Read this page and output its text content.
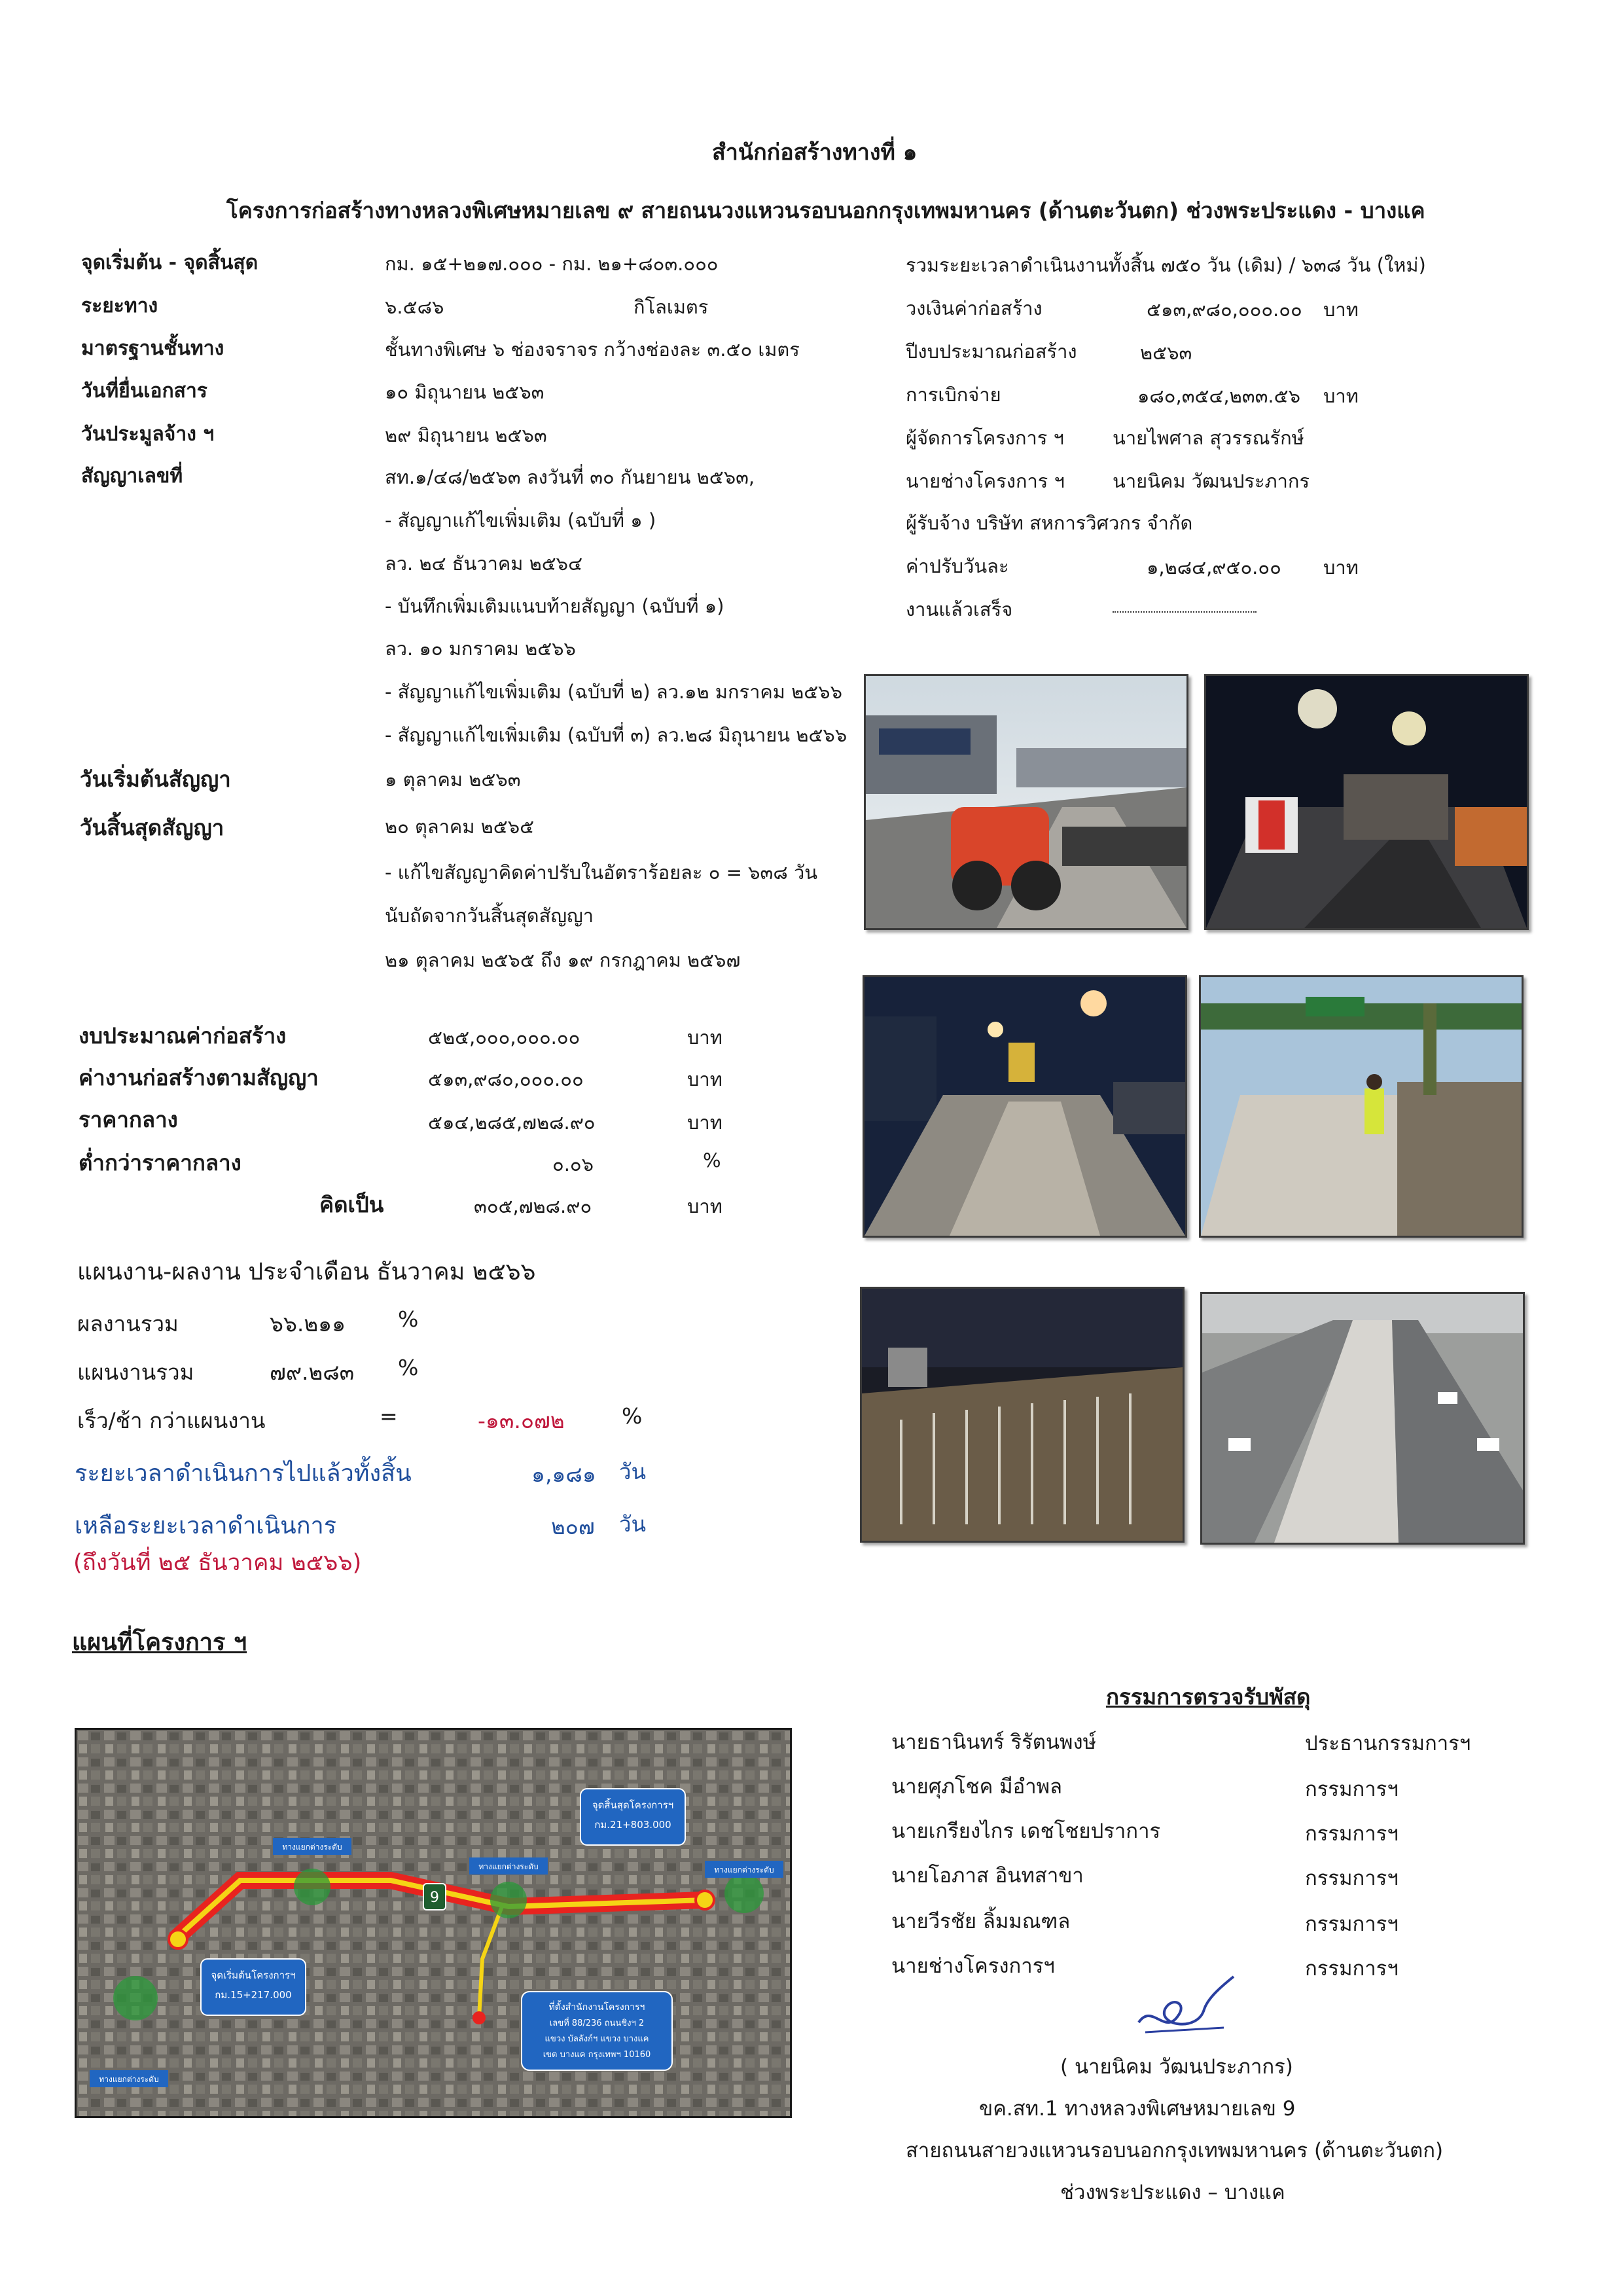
สำนักก่อสร้างทางที่ ๑
โครงการก่อสร้างทางหลวงพิเศษหมายเลข ๙ สายถนนวงแหวนรอบนอกกรุงเทพมหานคร (ด้านตะวันตก) ช่วงพระประแดง - บางแค
จุดเริ่มต้น - จุดสิ้นสุด	กม. ๑๕+๒๑๗.๐๐๐ - กม. ๒๑+๘๐๓.๐๐๐
ระยะทาง	๖.๕๘๖	กิโลเมตร
มาตรฐานชั้นทาง	ชั้นทางพิเศษ ๖ ช่องจราจร กว้างช่องละ ๓.๕๐ เมตร
วันที่ยื่นเอกสาร	๑๐ มิถุนายน ๒๕๖๓
วันประมูลจ้าง ฯ	๒๙ มิถุนายน ๒๕๖๓
สัญญาเลขที่	สท.๑/๔๘/๒๕๖๓ ลงวันที่ ๓๐ กันยายน ๒๕๖๓,
- สัญญาแก้ไขเพิ่มเติม (ฉบับที่ ๑ )
ลว. ๒๔ ธันวาคม ๒๕๖๔
- บันทึกเพิ่มเติมแนบท้ายสัญญา (ฉบับที่ ๑)
ลว. ๑๐ มกราคม ๒๕๖๖
- สัญญาแก้ไขเพิ่มเติม (ฉบับที่ ๒) ลว.๑๒ มกราคม ๒๕๖๖
- สัญญาแก้ไขเพิ่มเติม (ฉบับที่ ๓) ลว.๒๘ มิถุนายน ๒๕๖๖
วันเริ่มต้นสัญญา	๑ ตุลาคม ๒๕๖๓
วันสิ้นสุดสัญญา	๒๐ ตุลาคม ๒๕๖๕
- แก้ไขสัญญาคิดค่าปรับในอัตราร้อยละ ๐ = ๖๓๘ วัน
นับถัดจากวันสิ้นสุดสัญญา
๒๑ ตุลาคม ๒๕๖๕ ถึง ๑๙ กรกฎาคม ๒๕๖๗
รวมระยะเวลาดำเนินงานทั้งสิ้น ๗๕๐ วัน (เดิม) / ๖๓๘ วัน (ใหม่)
วงเงินค่าก่อสร้าง	๕๑๓,๙๘๐,๐๐๐.๐๐ บาท
ปีงบประมาณก่อสร้าง	๒๕๖๓
การเบิกจ่าย	๑๘๐,๓๕๔,๒๓๓.๕๖ บาท
ผู้จัดการโครงการ ฯ	นายไพศาล สุวรรณรักษ์
นายช่างโครงการ ฯ	นายนิคม วัฒนประภากร
ผู้รับจ้าง บริษัท สหการวิศวกร จำกัด
ค่าปรับวันละ	๑,๒๘๔,๙๕๐.๐๐ บาท
งานแล้วเสร็จ
งบประมาณค่าก่อสร้าง	๕๒๕,๐๐๐,๐๐๐.๐๐	บาท
ค่างานก่อสร้างตามสัญญา	๕๑๓,๙๘๐,๐๐๐.๐๐	บาท
ราคากลาง	๕๑๔,๒๘๕,๗๒๘.๙๐	บาท
ต่ำกว่าราคากลาง	๐.๐๖	%
คิดเป็น	๓๐๕,๗๒๘.๙๐	บาท
แผนงาน-ผลงาน ประจำเดือน ธันวาคม ๒๕๖๖
ผลงานรวม	๖๖.๒๑๑ %
แผนงานรวม	๗๙.๒๘๓ %
เร็ว/ช้า กว่าแผนงาน	=	-๑๓.๐๗๒	%
ระยะเวลาดำเนินการไปแล้วทั้งสิ้น	๑,๑๘๑ วัน
เหลือระยะเวลาดำเนินการ	๒๐๗ วัน
(ถึงวันที่ ๒๕ ธันวาคม ๒๕๖๖)
แผนที่โครงการ ฯ
9
จุดเริ่มต้นโครงการฯ
กม.15+217.000
จุดสิ้นสุดโครงการฯ
กม.21+803.000
ที่ตั้งสำนักงานโครงการฯ
เลขที่ 88/236 ถนนชิงฯ 2
แขวง บัลลังก์ฯ แขวง บางแค
เขต บางแค กรุงเทพฯ 10160
ทางแยกต่างระดับ
ทางแยกต่างระดับ
ทางแยกต่างระดับ	ทางแยกต่างระดับ
กรรมการตรวจรับพัสดุ
นายธานินทร์ ริรัตนพงษ์	ประธานกรรมการฯ
นายศุภโชค มีอำพล	กรรมการฯ
นายเกรียงไกร เดชโชยปราการ	กรรมการฯ
นายโอภาส อินทสาขา	กรรมการฯ
นายวีรชัย ลิ้มมณฑล	กรรมการฯ
นายช่างโครงการฯ	กรรมการฯ
( นายนิคม วัฒนประภากร)
ขค.สท.1 ทางหลวงพิเศษหมายเลข 9
สายถนนสายวงแหวนรอบนอกกรุงเทพมหานคร (ด้านตะวันตก)
ช่วงพระประแดง – บางแค
